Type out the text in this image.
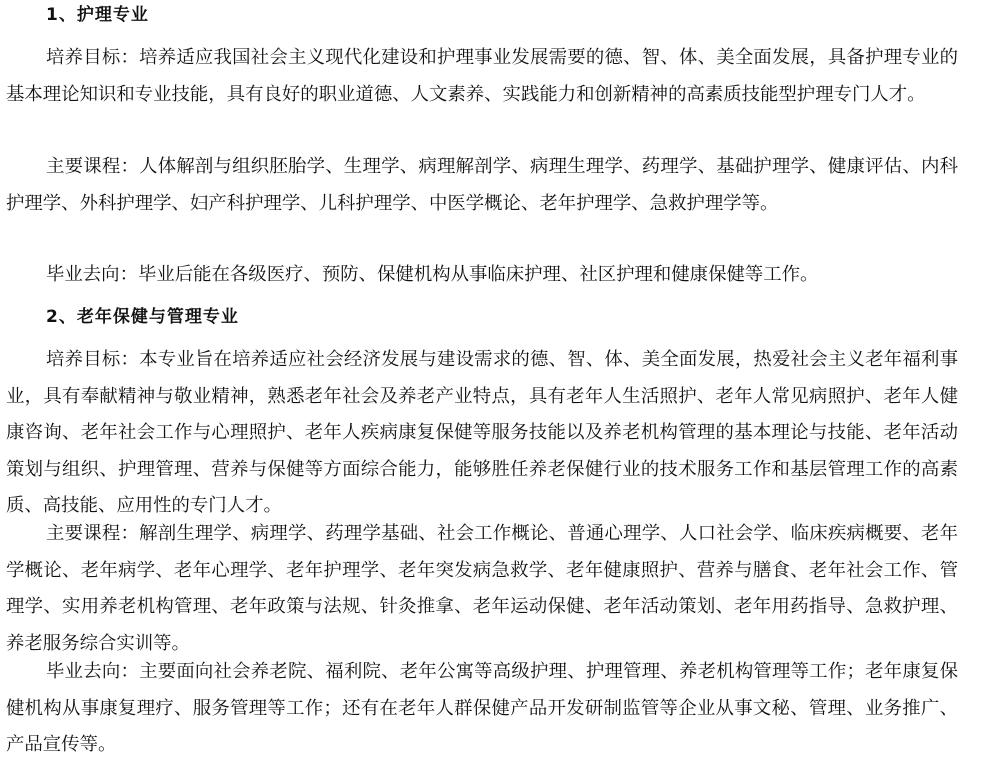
1、护理专业

培养目标：培养适应我国社会主义现代化建设和护理事业发展需要的德、智、体、美全面发展，具备护理专业的基本理论知识和专业技能，具有良好的职业道德、人文素养、实践能力和创新精神的高素质技能型护理专门人才。

主要课程：人体解剖与组织胚胎学、生理学、病理解剖学、病理生理学、药理学、基础护理学、健康评估、内科护理学、外科护理学、妇产科护理学、儿科护理学、中医学概论、老年护理学、急救护理学等。

毕业去向：毕业后能在各级医疗、预防、保健机构从事临床护理、社区护理和健康保健等工作。

2、老年保健与管理专业

培养目标：本专业旨在培养适应社会经济发展与建设需求的德、智、体、美全面发展，热爱社会主义老年福利事业，具有奉献精神与敬业精神，熟悉老年社会及养老产业特点，具有老年人生活照护、老年人常见病照护、老年人健康咨询、老年社会工作与心理照护、老年人疾病康复保健等服务技能以及养老机构管理的基本理论与技能、老年活动策划与组织、护理管理、营养与保健等方面综合能力，能够胜任养老保健行业的技术服务工作和基层管理工作的高素质、高技能、应用性的专门人才。

主要课程：解剖生理学、病理学、药理学基础、社会工作概论、普通心理学、人口社会学、临床疾病概要、老年学概论、老年病学、老年心理学、老年护理学、老年突发病急救学、老年健康照护、营养与膳食、老年社会工作、管理学、实用养老机构管理、老年政策与法规、针灸推拿、老年运动保健、老年活动策划、老年用药指导、急救护理、养老服务综合实训等。

毕业去向：主要面向社会养老院、福利院、老年公寓等高级护理、护理管理、养老机构管理等工作；老年康复保健机构从事康复理疗、服务管理等工作；还有在老年人群保健产品开发研制监管等企业从事文秘、管理、业务推广、产品宣传等。
